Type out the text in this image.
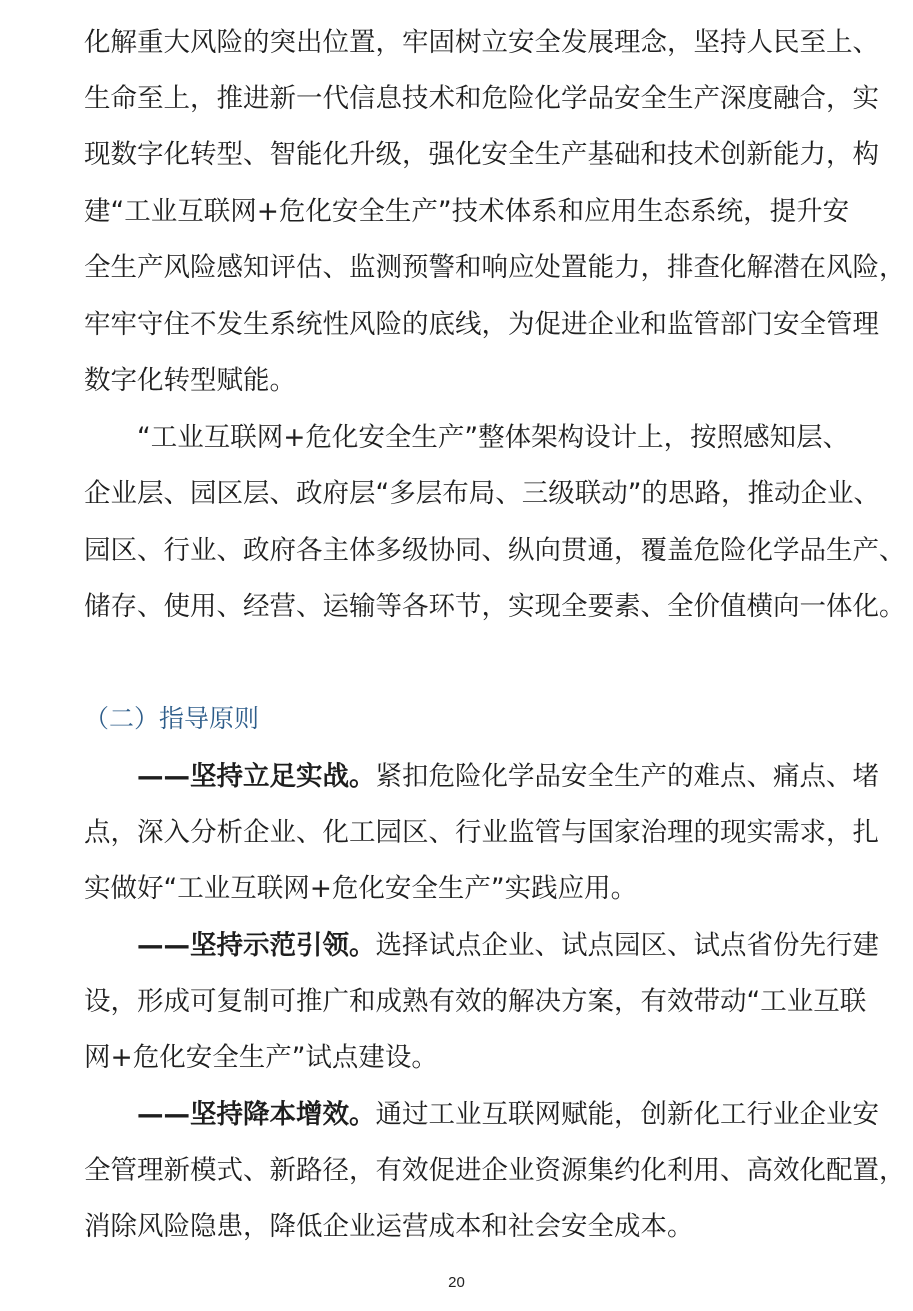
化解重大风险的突出位置，牢固树立安全发展理念，坚持人民至上、
生命至上，推进新一代信息技术和危险化学品安全生产深度融合，实
现数字化转型、智能化升级，强化安全生产基础和技术创新能力，构
建“工业互联网+危化安全生产”技术体系和应用生态系统，提升安
全生产风险感知评估、监测预警和响应处置能力，排查化解潜在风险，
牢牢守住不发生系统性风险的底线，为促进企业和监管部门安全管理
数字化转型赋能。
“工业互联网+危化安全生产”整体架构设计上，按照感知层、
企业层、园区层、政府层“多层布局、三级联动”的思路，推动企业、
园区、行业、政府各主体多级协同、纵向贯通，覆盖危险化学品生产、
储存、使用、经营、运输等各环节，实现全要素、全价值横向一体化。
（二）指导原则
——坚持立足实战。紧扣危险化学品安全生产的难点、痛点、堵
点，深入分析企业、化工园区、行业监管与国家治理的现实需求，扎
实做好“工业互联网+危化安全生产”实践应用。
——坚持示范引领。选择试点企业、试点园区、试点省份先行建
设，形成可复制可推广和成熟有效的解决方案，有效带动“工业互联
网+危化安全生产”试点建设。
——坚持降本增效。通过工业互联网赋能，创新化工行业企业安
全管理新模式、新路径，有效促进企业资源集约化利用、高效化配置，
消除风险隐患，降低企业运营成本和社会安全成本。
20
